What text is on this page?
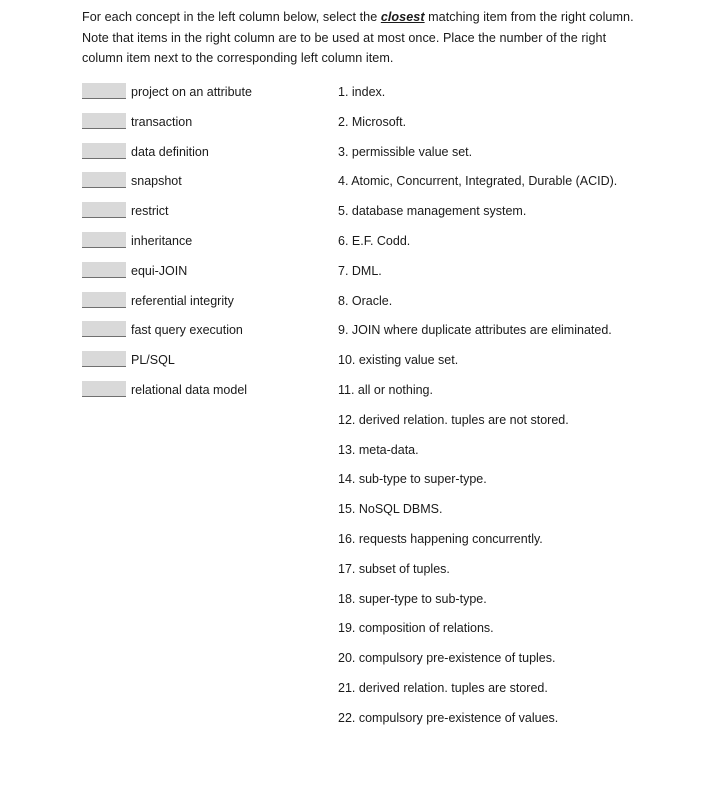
For each concept in the left column below, select the closest matching item from the right column. Note that items in the right column are to be used at most once. Place the number of the right column item next to the corresponding left column item.
project on an attribute
transaction
data definition
snapshot
restrict
inheritance
equi-JOIN
referential integrity
fast query execution
PL/SQL
relational data model
1. index.
2. Microsoft.
3. permissible value set.
4. Atomic, Concurrent, Integrated, Durable (ACID).
5. database management system.
6. E.F. Codd.
7. DML.
8. Oracle.
9. JOIN where duplicate attributes are eliminated.
10. existing value set.
11. all or nothing.
12. derived relation. tuples are not stored.
13. meta-data.
14. sub-type to super-type.
15. NoSQL DBMS.
16. requests happening concurrently.
17. subset of tuples.
18. super-type to sub-type.
19. composition of relations.
20. compulsory pre-existence of tuples.
21. derived relation. tuples are stored.
22. compulsory pre-existence of values.
